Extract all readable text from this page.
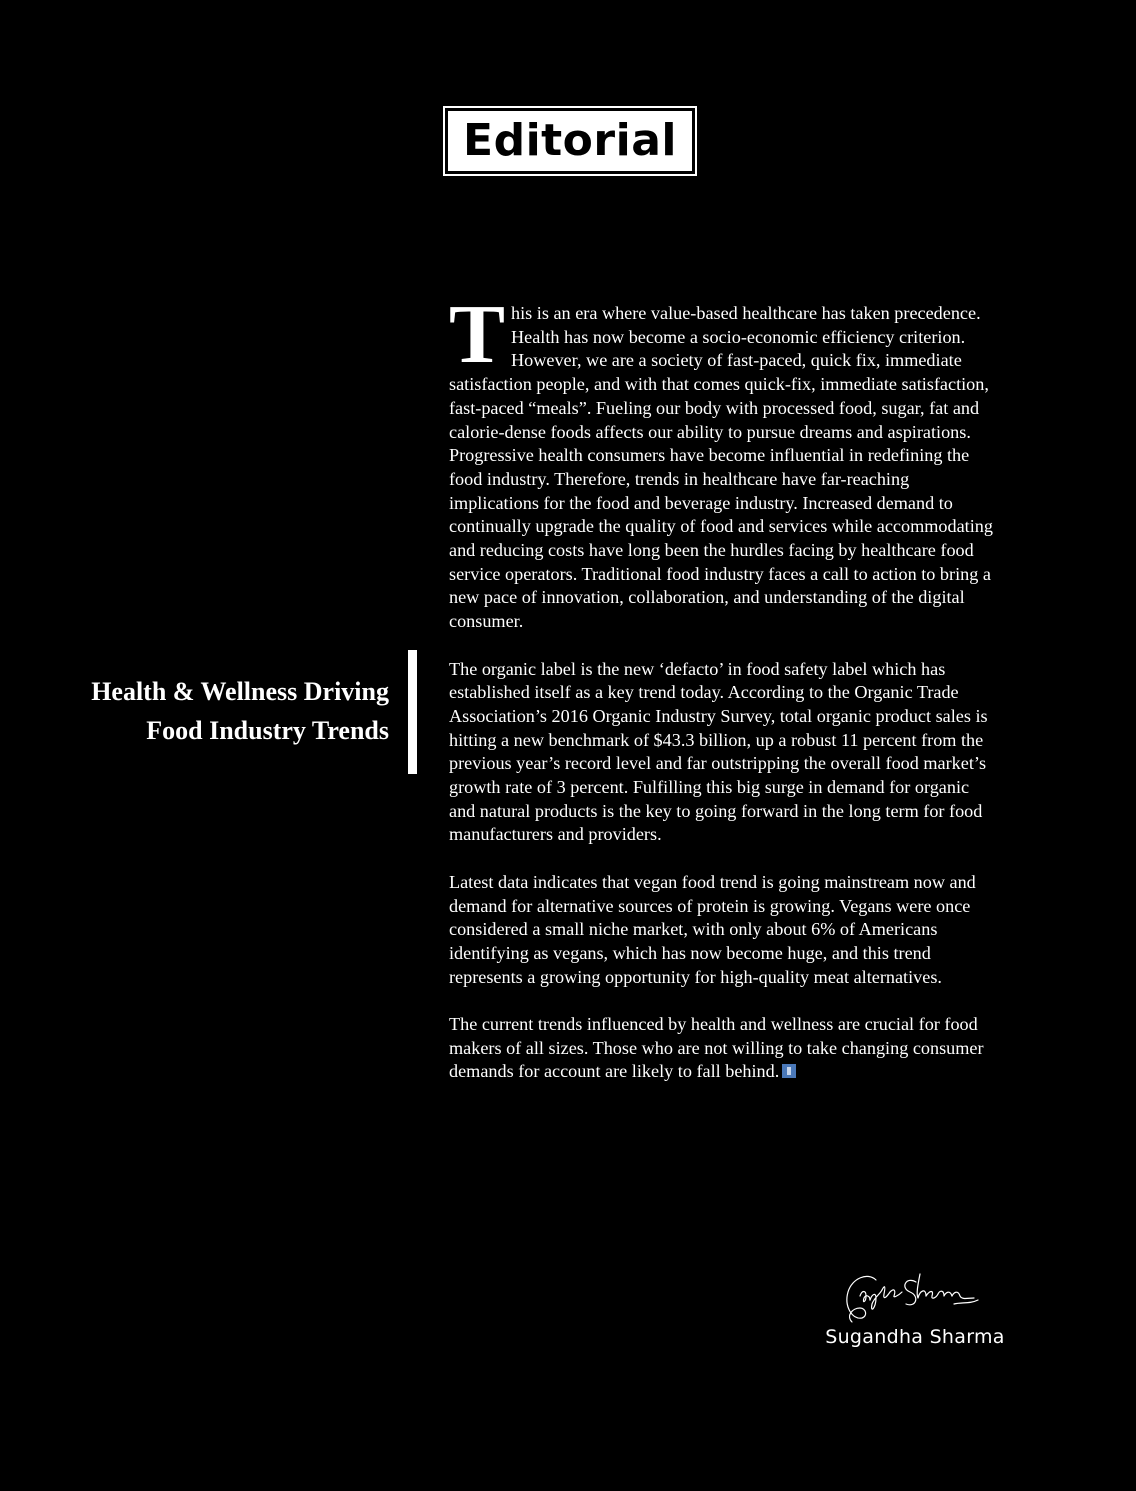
Editorial
Health & Wellness Driving
Food Industry Trends

This is an era where value-based healthcare has taken precedence. Health has now become a socio-economic efficiency criterion. However, we are a society of fast-paced, quick fix, immediate satisfaction people, and with that comes quick-fix, immediate satisfaction, fast-paced “meals”. Fueling our body with processed food, sugar, fat and calorie-dense foods affects our ability to pursue dreams and aspirations. Progressive health consumers have become influential in redefining the food industry. Therefore, trends in healthcare have far-reaching implications for the food and beverage industry. Increased demand to continually upgrade the quality of food and services while accommodating and reducing costs have long been the hurdles facing by healthcare food service operators. Traditional food industry faces a call to action to bring a new pace of innovation, collaboration, and understanding of the digital consumer.

The organic label is the new ‘defacto’ in food safety label which has established itself as a key trend today. According to the Organic Trade Association’s 2016 Organic Industry Survey, total organic product sales is hitting a new benchmark of $43.3 billion, up a robust 11 percent from the previous year’s record level and far outstripping the overall food market’s growth rate of 3 percent. Fulfilling this big surge in demand for organic and natural products is the key to going forward in the long term for food manufacturers and providers.

Latest data indicates that vegan food trend is going mainstream now and demand for alternative sources of protein is growing. Vegans were once considered a small niche market, with only about 6% of Americans identifying as vegans, which has now become huge, and this trend represents a growing opportunity for high-quality meat alternatives.

The current trends influenced by health and wellness are crucial for food makers of all sizes. Those who are not willing to take changing consumer demands for account are likely to fall behind.

Sugandha Sharma
